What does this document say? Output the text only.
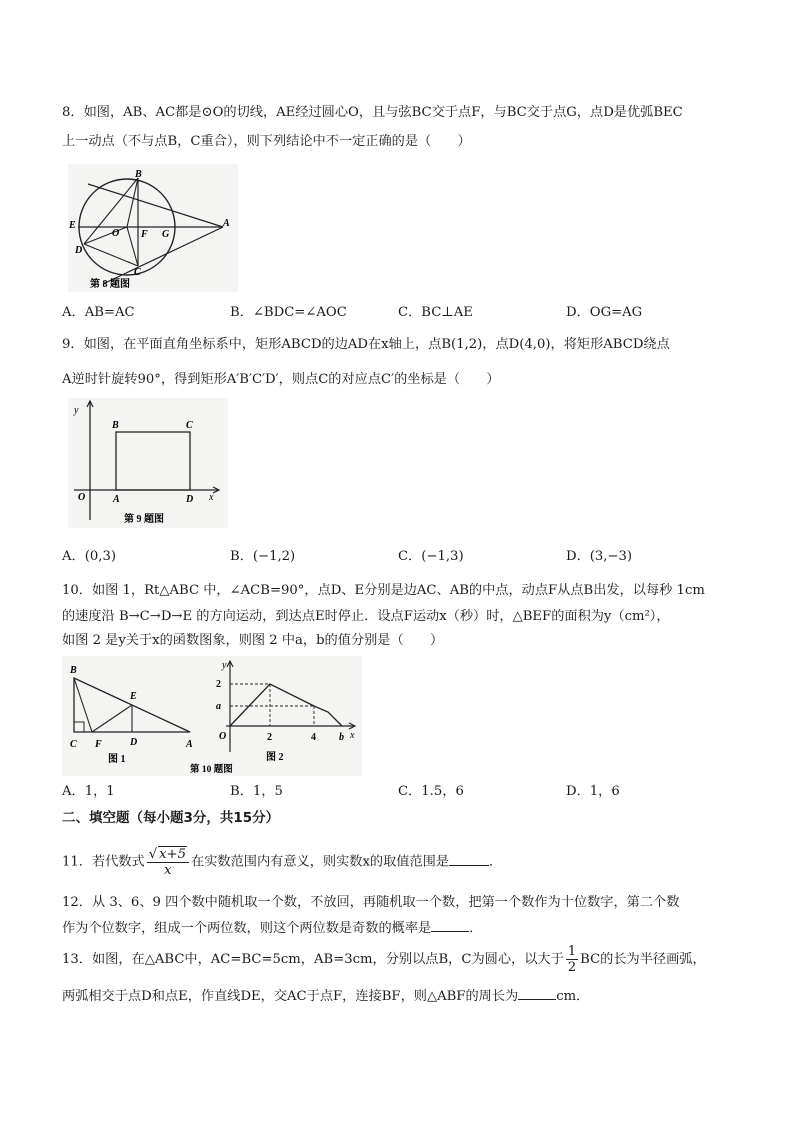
8．如图，AB、AC都是⊙O的切线，AE经过圆心O，且与弦BC交于点F，与BC交于点G，点D是优弧BEC
上一动点（不与点B，C重合），则下列结论中不一定正确的是（　　）
B
E
O F G
A
D
C
第 8 题图
A．AB=AC	B．∠BDC=∠AOC	C．BC⊥AE	D．OG=AG
9．如图，在平面直角坐标系中，矩形ABCD的边AD在x轴上，点B(1,2)，点D(4,0)，将矩形ABCD绕点
A逆时针旋转90°，得到矩形A′B′C′D′，则点C的对应点C′的坐标是（　　）
y
B	C
O	A	D x
第 9 题图
A．(0,3)	B．(−1,2)	C．(−1,3)	D．(3,−3)
10．如图 1，Rt△ABC 中，∠ACB=90°，点D、E分别是边AC、AB的中点，动点F从点B出发，以每秒 1cm
的速度沿 B→C→D→E 的方向运动，到达点E时停止．设点F运动x（秒）时，△BEF的面积为y（cm²），
如图 2 是y关于x的函数图象，则图 2 中a，b的值分别是（　　）
B
E
C F	D	A
图 1
第 10 题图
y
2
a
O	2	4 b x
图 2
A．1，1	B．1，5	C．1.5，6	D．1，6
二、填空题（每小题3分，共15分）
11．若代数式 $\frac{√ x+5}{x}$ 在实数范围内有意义，则实数x的取值范围是	．
12．从 3、6、9 四个数中随机取一个数，不放回，再随机取一个数，把第一个数作为十位数字，第二个数
作为个位数字，组成一个两位数，则这个两位数是奇数的概率是	．
13．如图，在△ABC中，AC=BC=5cm，AB=3cm，分别以点B，C为圆心，以大于 $\frac{1}{2}$ BC的长为半径画弧，
两弧相交于点D和点E，作直线DE，交AC于点F，连接BF，则△ABF的周长为	cm．
